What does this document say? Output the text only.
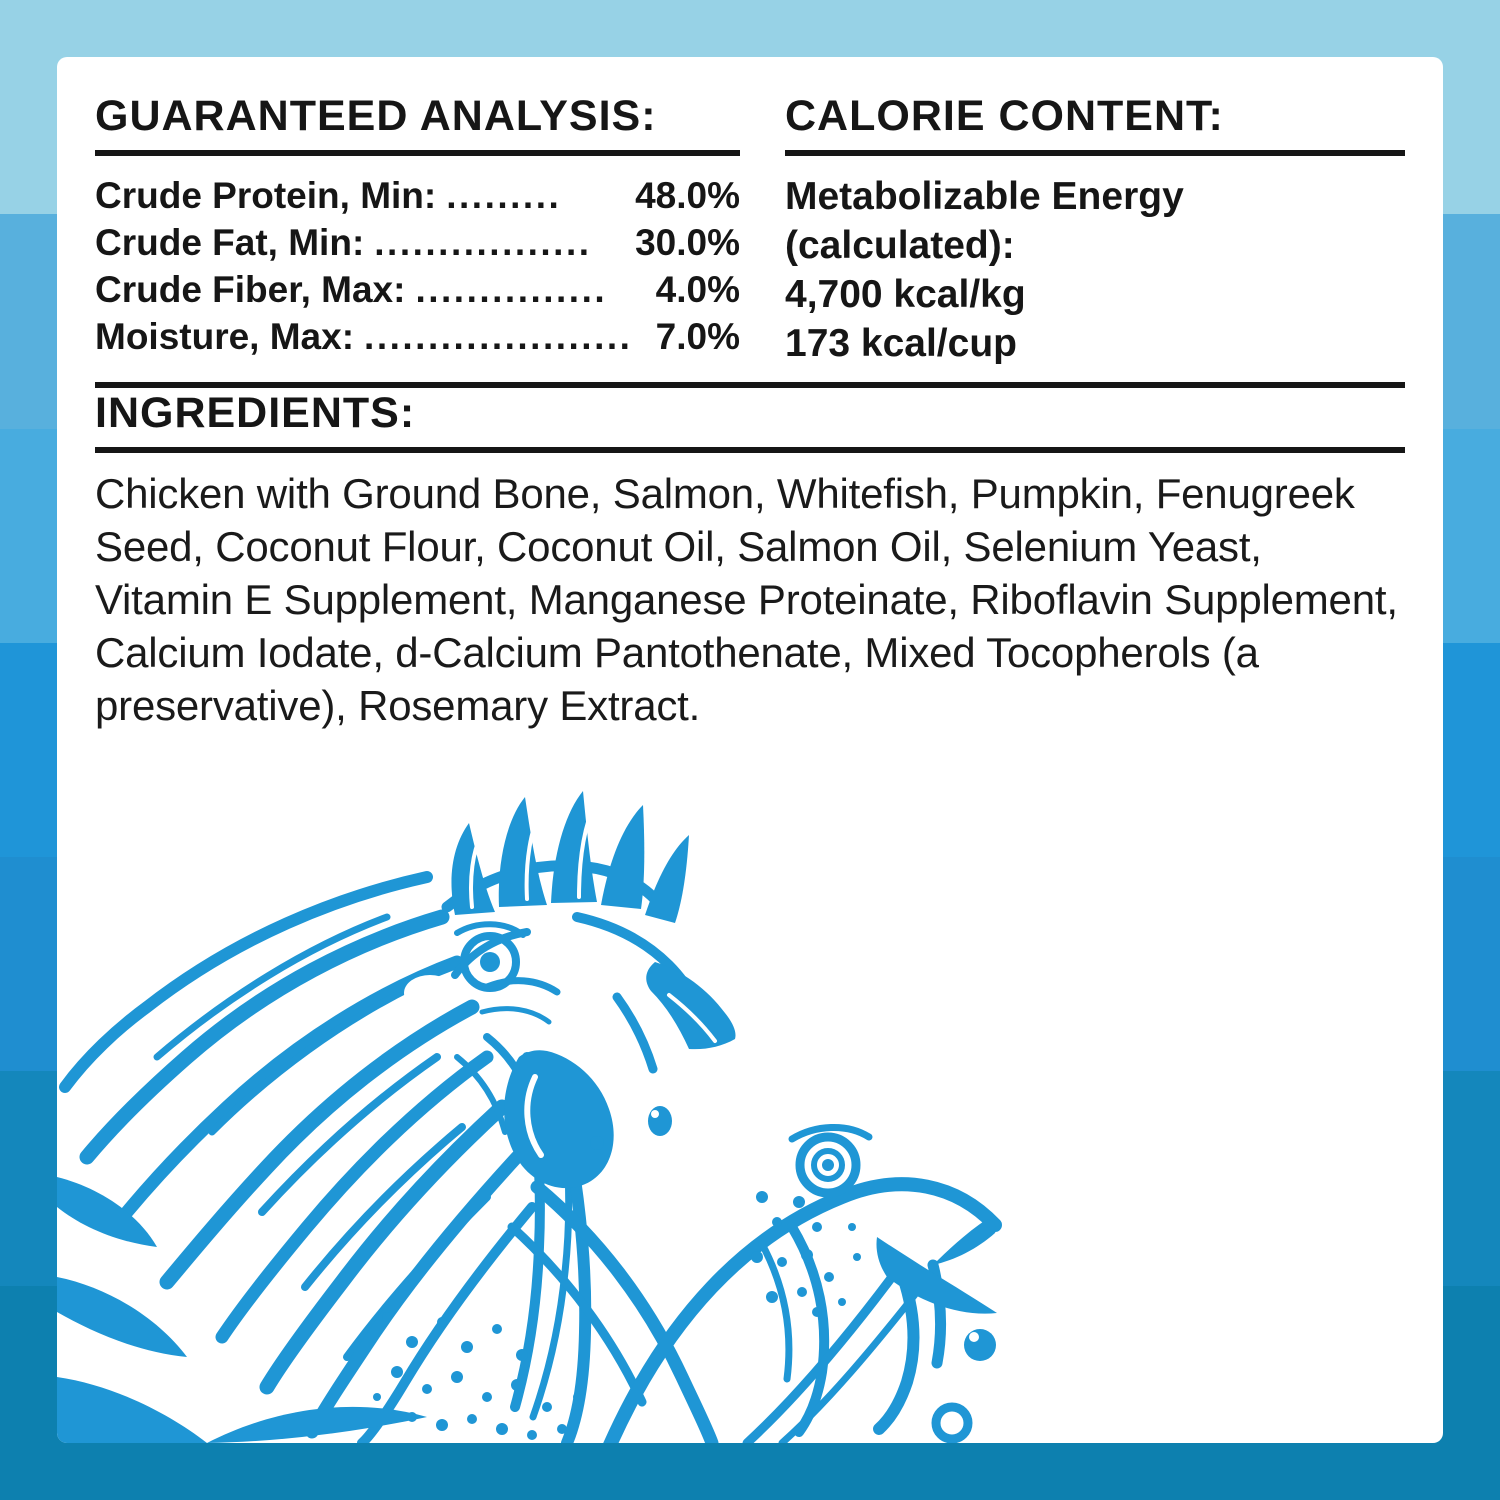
GUARANTEED ANALYSIS:
Crude Protein, Min: .........	48.0%
Crude Fat, Min: .................	30.0%
Crude Fiber, Max: ...............	4.0%
Moisture, Max: ..................... 7.0%
CALORIE CONTENT:
Metabolizable Energy
(calculated):
4,700 kcal/kg
173 kcal/cup
INGREDIENTS:

Chicken with Ground Bone, Salmon, Whitefish, Pumpkin, Fenugreek Seed, Coconut Flour, Coconut Oil, Salmon Oil, Selenium Yeast, Vitamin E Supplement, Manganese Proteinate, Riboflavin Supplement, Calcium Iodate, d-Calcium Pantothenate, Mixed Tocopherols (a preservative), Rosemary Extract.
